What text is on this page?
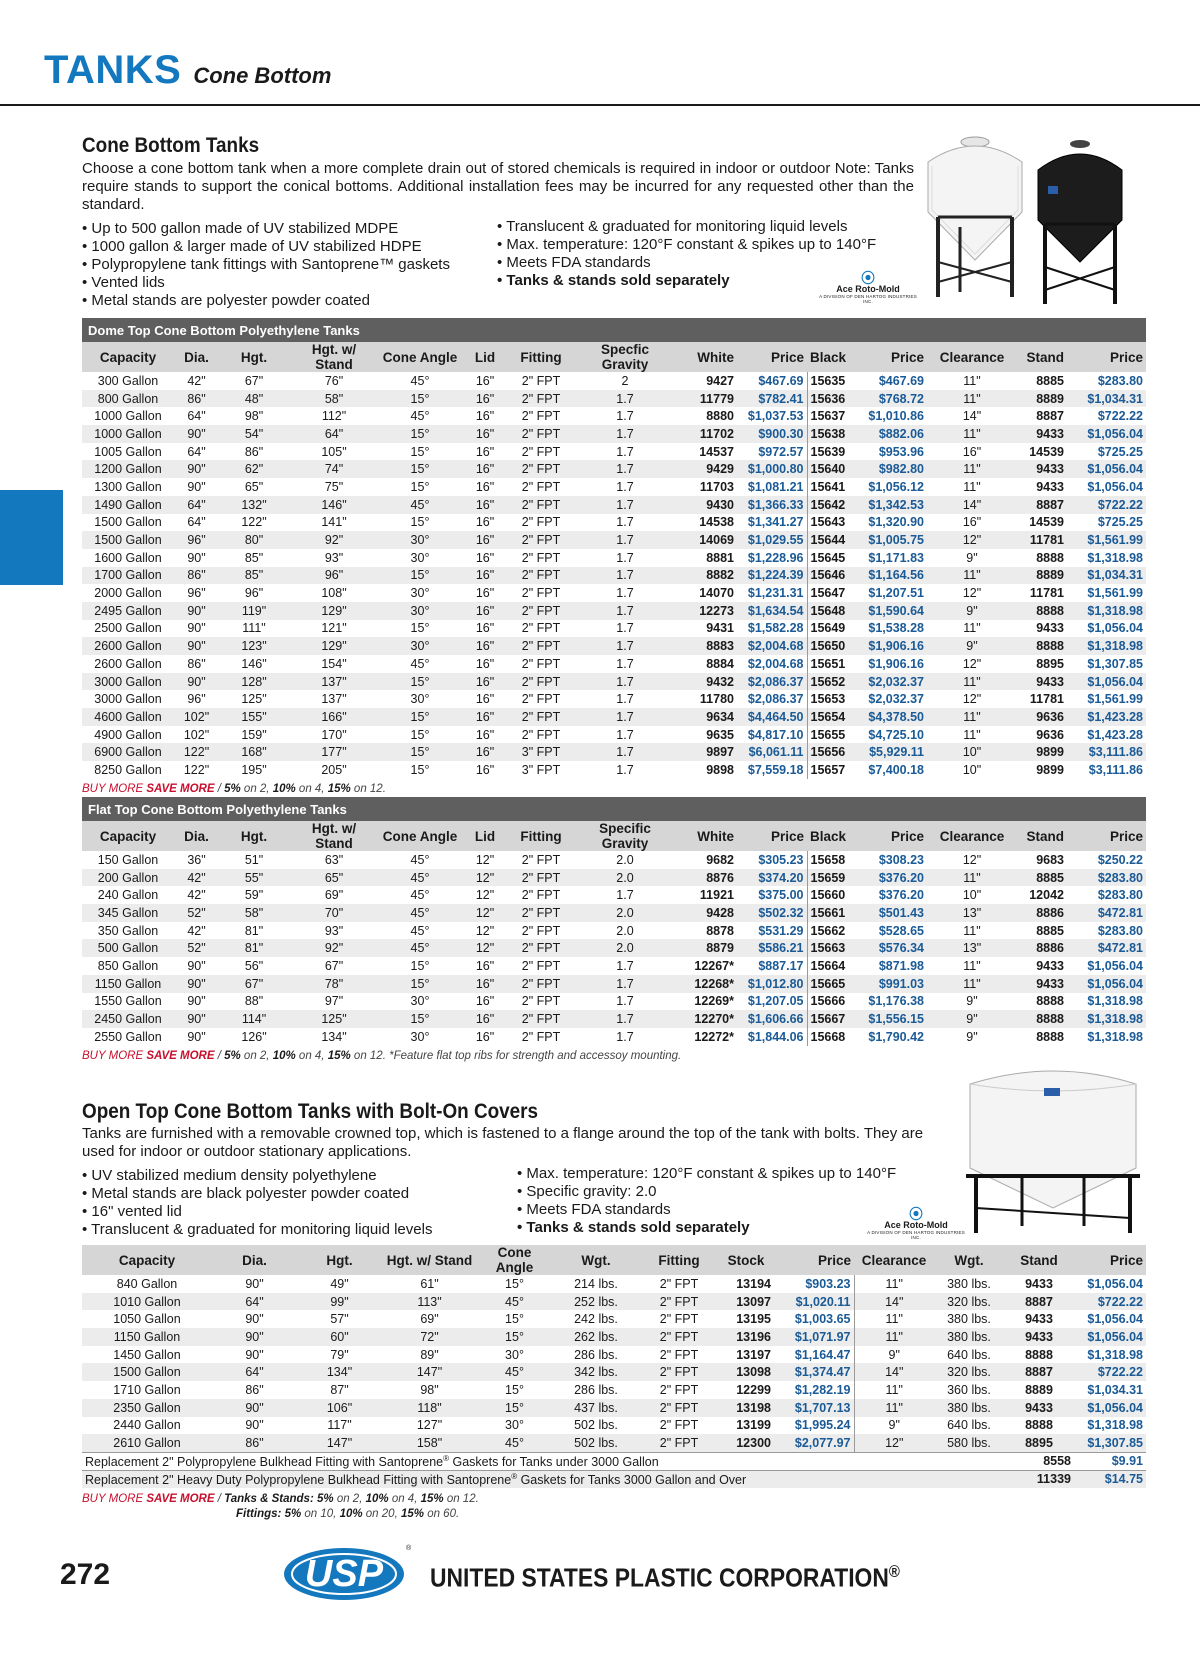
TANKS Cone Bottom
Cone Bottom Tanks

Choose a cone bottom tank when a more complete drain out of stored chemicals is required in indoor or outdoor Note: Tanks require stands to support the conical bottoms. Additional installation fees may be incurred for any requested other than the standard.

• Up to 500 gallon made of UV stabilized MDPE
• 1000 gallon & larger made of UV stabilized HDPE
• Polypropylene tank fittings with Santoprene™ gaskets
• Vented lids
• Metal stands are polyester powder coated
• Translucent & graduated for monitoring liquid levels
• Max. temperature: 120°F constant & spikes up to 140°F
• Meets FDA standards
• Tanks & stands sold separately	⦿
Ace Roto-Mold
A DIVISION OF DEN HARTOG INDUSTRIES INC.
Dome Top Cone Bottom Polyethylene Tanks
Capacity	Dia.	Hgt.	Hgt. w/ Stand	Cone Angle	Lid	Fitting	Specfic Gravity	White	Price	Black	Price	Clearance	Stand	Price
300 Gallon	42"	67"	76"	45°	16"	2" FPT	2	9427	$467.69	15635	$467.69	11"	8885	$283.80
800 Gallon	86"	48"	58"	15°	16"	2" FPT	1.7	11779	$782.41	15636	$768.72	11"	8889	$1,034.31
1000 Gallon	64"	98"	112"	45°	16"	2" FPT	1.7	8880	$1,037.53	15637	$1,010.86	14"	8887	$722.22
1000 Gallon	90"	54"	64"	15°	16"	2" FPT	1.7	11702	$900.30	15638	$882.06	11"	9433	$1,056.04
1005 Gallon	64"	86"	105"	15°	16"	2" FPT	1.7	14537	$972.57	15639	$953.96	16"	14539	$725.25
1200 Gallon	90"	62"	74"	15°	16"	2" FPT	1.7	9429	$1,000.80	15640	$982.80	11"	9433	$1,056.04
1300 Gallon	90"	65"	75"	15°	16"	2" FPT	1.7	11703	$1,081.21	15641	$1,056.12	11"	9433	$1,056.04
1490 Gallon	64"	132"	146"	45°	16"	2" FPT	1.7	9430	$1,366.33	15642	$1,342.53	14"	8887	$722.22
1500 Gallon	64"	122"	141"	15°	16"	2" FPT	1.7	14538	$1,341.27	15643	$1,320.90	16"	14539	$725.25
1500 Gallon	96"	80"	92"	30°	16"	2" FPT	1.7	14069	$1,029.55	15644	$1,005.75	12"	11781	$1,561.99
1600 Gallon	90"	85"	93"	30°	16"	2" FPT	1.7	8881	$1,228.96	15645	$1,171.83	9"	8888	$1,318.98
1700 Gallon	86"	85"	96"	15°	16"	2" FPT	1.7	8882	$1,224.39	15646	$1,164.56	11"	8889	$1,034.31
2000 Gallon	96"	96"	108"	30°	16"	2" FPT	1.7	14070	$1,231.31	15647	$1,207.51	12"	11781	$1,561.99
2495 Gallon	90"	119"	129"	30°	16"	2" FPT	1.7	12273	$1,634.54	15648	$1,590.64	9"	8888	$1,318.98
2500 Gallon	90"	111"	121"	15°	16"	2" FPT	1.7	9431	$1,582.28	15649	$1,538.28	11"	9433	$1,056.04
2600 Gallon	90"	123"	129"	30°	16"	2" FPT	1.7	8883	$2,004.68	15650	$1,906.16	9"	8888	$1,318.98
2600 Gallon	86"	146"	154"	45°	16"	2" FPT	1.7	8884	$2,004.68	15651	$1,906.16	12"	8895	$1,307.85
3000 Gallon	90"	128"	137"	15°	16"	2" FPT	1.7	9432	$2,086.37	15652	$2,032.37	11"	9433	$1,056.04
3000 Gallon	96"	125"	137"	30°	16"	2" FPT	1.7	11780	$2,086.37	15653	$2,032.37	12"	11781	$1,561.99
4600 Gallon	102"	155"	166"	15°	16"	2" FPT	1.7	9634	$4,464.50	15654	$4,378.50	11"	9636	$1,423.28
4900 Gallon	102"	159"	170"	15°	16"	2" FPT	1.7	9635	$4,817.10	15655	$4,725.10	11"	9636	$1,423.28
6900 Gallon	122"	168"	177"	15°	16"	3" FPT	1.7	9897	$6,061.11	15656	$5,929.11	10"	9899	$3,111.86
8250 Gallon	122"	195"	205"	15°	16"	3" FPT	1.7	9898	$7,559.18	15657	$7,400.18	10"	9899	$3,111.86
BUY MORE SAVE MORE / 5% on 2, 10% on 4, 15% on 12.
Flat Top Cone Bottom Polyethylene Tanks
Capacity	Dia.	Hgt.	Hgt. w/ Stand	Cone Angle	Lid	Fitting	Specific Gravity	White	Price	Black	Price	Clearance	Stand	Price
150 Gallon	36"	51"	63"	45°	12"	2" FPT	2.0	9682	$305.23	15658	$308.23	12"	9683	$250.22
200 Gallon	42"	55"	65"	45°	12"	2" FPT	2.0	8876	$374.20	15659	$376.20	11"	8885	$283.80
240 Gallon	42"	59"	69"	45°	12"	2" FPT	1.7	11921	$375.00	15660	$376.20	10"	12042	$283.80
345 Gallon	52"	58"	70"	45°	12"	2" FPT	2.0	9428	$502.32	15661	$501.43	13"	8886	$472.81
350 Gallon	42"	81"	93"	45°	12"	2" FPT	2.0	8878	$531.29	15662	$528.65	11"	8885	$283.80
500 Gallon	52"	81"	92"	45°	12"	2" FPT	2.0	8879	$586.21	15663	$576.34	13"	8886	$472.81
850 Gallon	90"	56"	67"	15°	16"	2" FPT	1.7	12267*	$887.17	15664	$871.98	11"	9433	$1,056.04
1150 Gallon	90"	67"	78"	15°	16"	2" FPT	1.7	12268*	$1,012.80	15665	$991.03	11"	9433	$1,056.04
1550 Gallon	90"	88"	97"	30°	16"	2" FPT	1.7	12269*	$1,207.05	15666	$1,176.38	9"	8888	$1,318.98
2450 Gallon	90"	114"	125"	15°	16"	2" FPT	1.7	12270*	$1,606.66	15667	$1,556.15	9"	8888	$1,318.98
2550 Gallon	90"	126"	134"	30°	16"	2" FPT	1.7	12272*	$1,844.06	15668	$1,790.42	9"	8888	$1,318.98
BUY MORE SAVE MORE / 5% on 2, 10% on 4, 15% on 12. *Feature flat top ribs for strength and accessoy mounting.
Open Top Cone Bottom Tanks with Bolt-On Covers

Tanks are furnished with a removable crowned top, which is fastened to a flange around the top of the tank with bolts. They are used for indoor or outdoor stationary applications.

• UV stabilized medium density polyethylene
• Metal stands are black polyester powder coated
• 16" vented lid
• Translucent & graduated for monitoring liquid levels
• Max. temperature: 120°F constant & spikes up to 140°F
• Specific gravity: 2.0
• Meets FDA standards
• Tanks & stands sold separately
⦿
Ace Roto-Mold
A DIVISION OF DEN HARTOG INDUSTRIES INC.
Capacity	Dia.	Hgt.	Hgt. w/ Stand	Cone Angle	Wgt.	Fitting	Stock	Price	Clearance	Wgt.	Stand	Price
840 Gallon	90"	49"	61"	15°	214 lbs.	2" FPT	13194	$903.23	11"	380 lbs.	9433	$1,056.04
1010 Gallon	64"	99"	113"	45°	252 lbs.	2" FPT	13097	$1,020.11	14"	320 lbs.	8887	$722.22
1050 Gallon	90"	57"	69"	15°	242 lbs.	2" FPT	13195	$1,003.65	11"	380 lbs.	9433	$1,056.04
1150 Gallon	90"	60"	72"	15°	262 lbs.	2" FPT	13196	$1,071.97	11"	380 lbs.	9433	$1,056.04
1450 Gallon	90"	79"	89"	30°	286 lbs.	2" FPT	13197	$1,164.47	9"	640 lbs.	8888	$1,318.98
1500 Gallon	64"	134"	147"	45°	342 lbs.	2" FPT	13098	$1,374.47	14"	320 lbs.	8887	$722.22
1710 Gallon	86"	87"	98"	15°	286 lbs.	2" FPT	12299	$1,282.19	11"	360 lbs.	8889	$1,034.31
2350 Gallon	90"	106"	118"	15°	437 lbs.	2" FPT	13198	$1,707.13	11"	380 lbs.	9433	$1,056.04
2440 Gallon	90"	117"	127"	30°	502 lbs.	2" FPT	13199	$1,995.24	9"	640 lbs.	8888	$1,318.98
2610 Gallon	86"	147"	158"	45°	502 lbs.	2" FPT	12300	$2,077.97	12"	580 lbs.	8895	$1,307.85
Replacement 2" Polypropylene Bulkhead Fitting with Santoprene® Gaskets for Tanks under 3000 Gallon	8558	$9.91
Replacement 2" Heavy Duty Polypropylene Bulkhead Fitting with Santoprene® Gaskets for Tanks 3000 Gallon and Over	11339	$14.75
BUY MORE SAVE MORE / Tanks & Stands: 5% on 2, 10% on 4, 15% on 12.
Fittings: 5% on 10, 10% on 20, 15% on 60.
272	USP
®
UNITED STATES PLASTIC CORPORATION®
